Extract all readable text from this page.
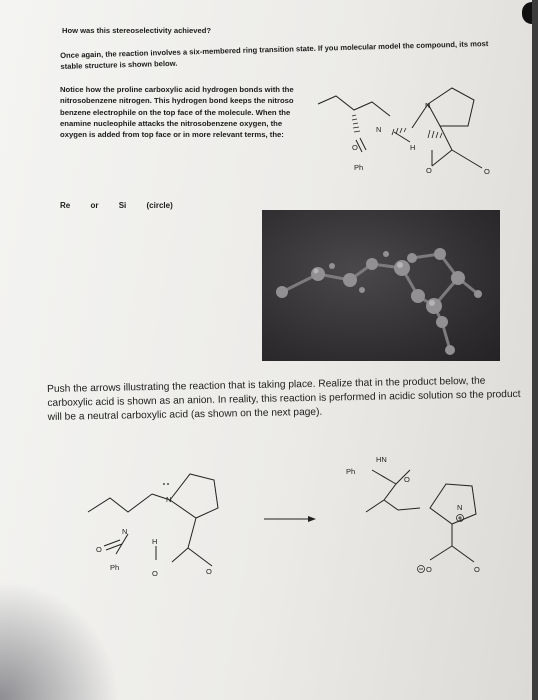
How was this stereoselectivity achieved?
Once again, the reaction involves a six-membered ring transition state. If you molecular model the compound, its most stable structure is shown below.
Notice how the proline carboxylic acid hydrogen bonds with the nitrosobenzene nitrogen. This hydrogen bond keeps the nitroso benzene electrophile on the top face of the molecule. When the enamine nucleophile attacks the nitrosobenzene oxygen, the oxygen is added from top face or in more relevant terms, the:
Re	or	Si	(circle)
N
N
H
O
O	O
Ph
Push the arrows illustrating the reaction that is taking place. Realize that in the product below, the carboxylic acid is shown as an anion. In reality, this reaction is performed in acidic solution so the product will be a neutral carboxylic acid (as shown on the next page).
N
N
O
Ph
H
O	O
HN
Ph
O
N
O	O
